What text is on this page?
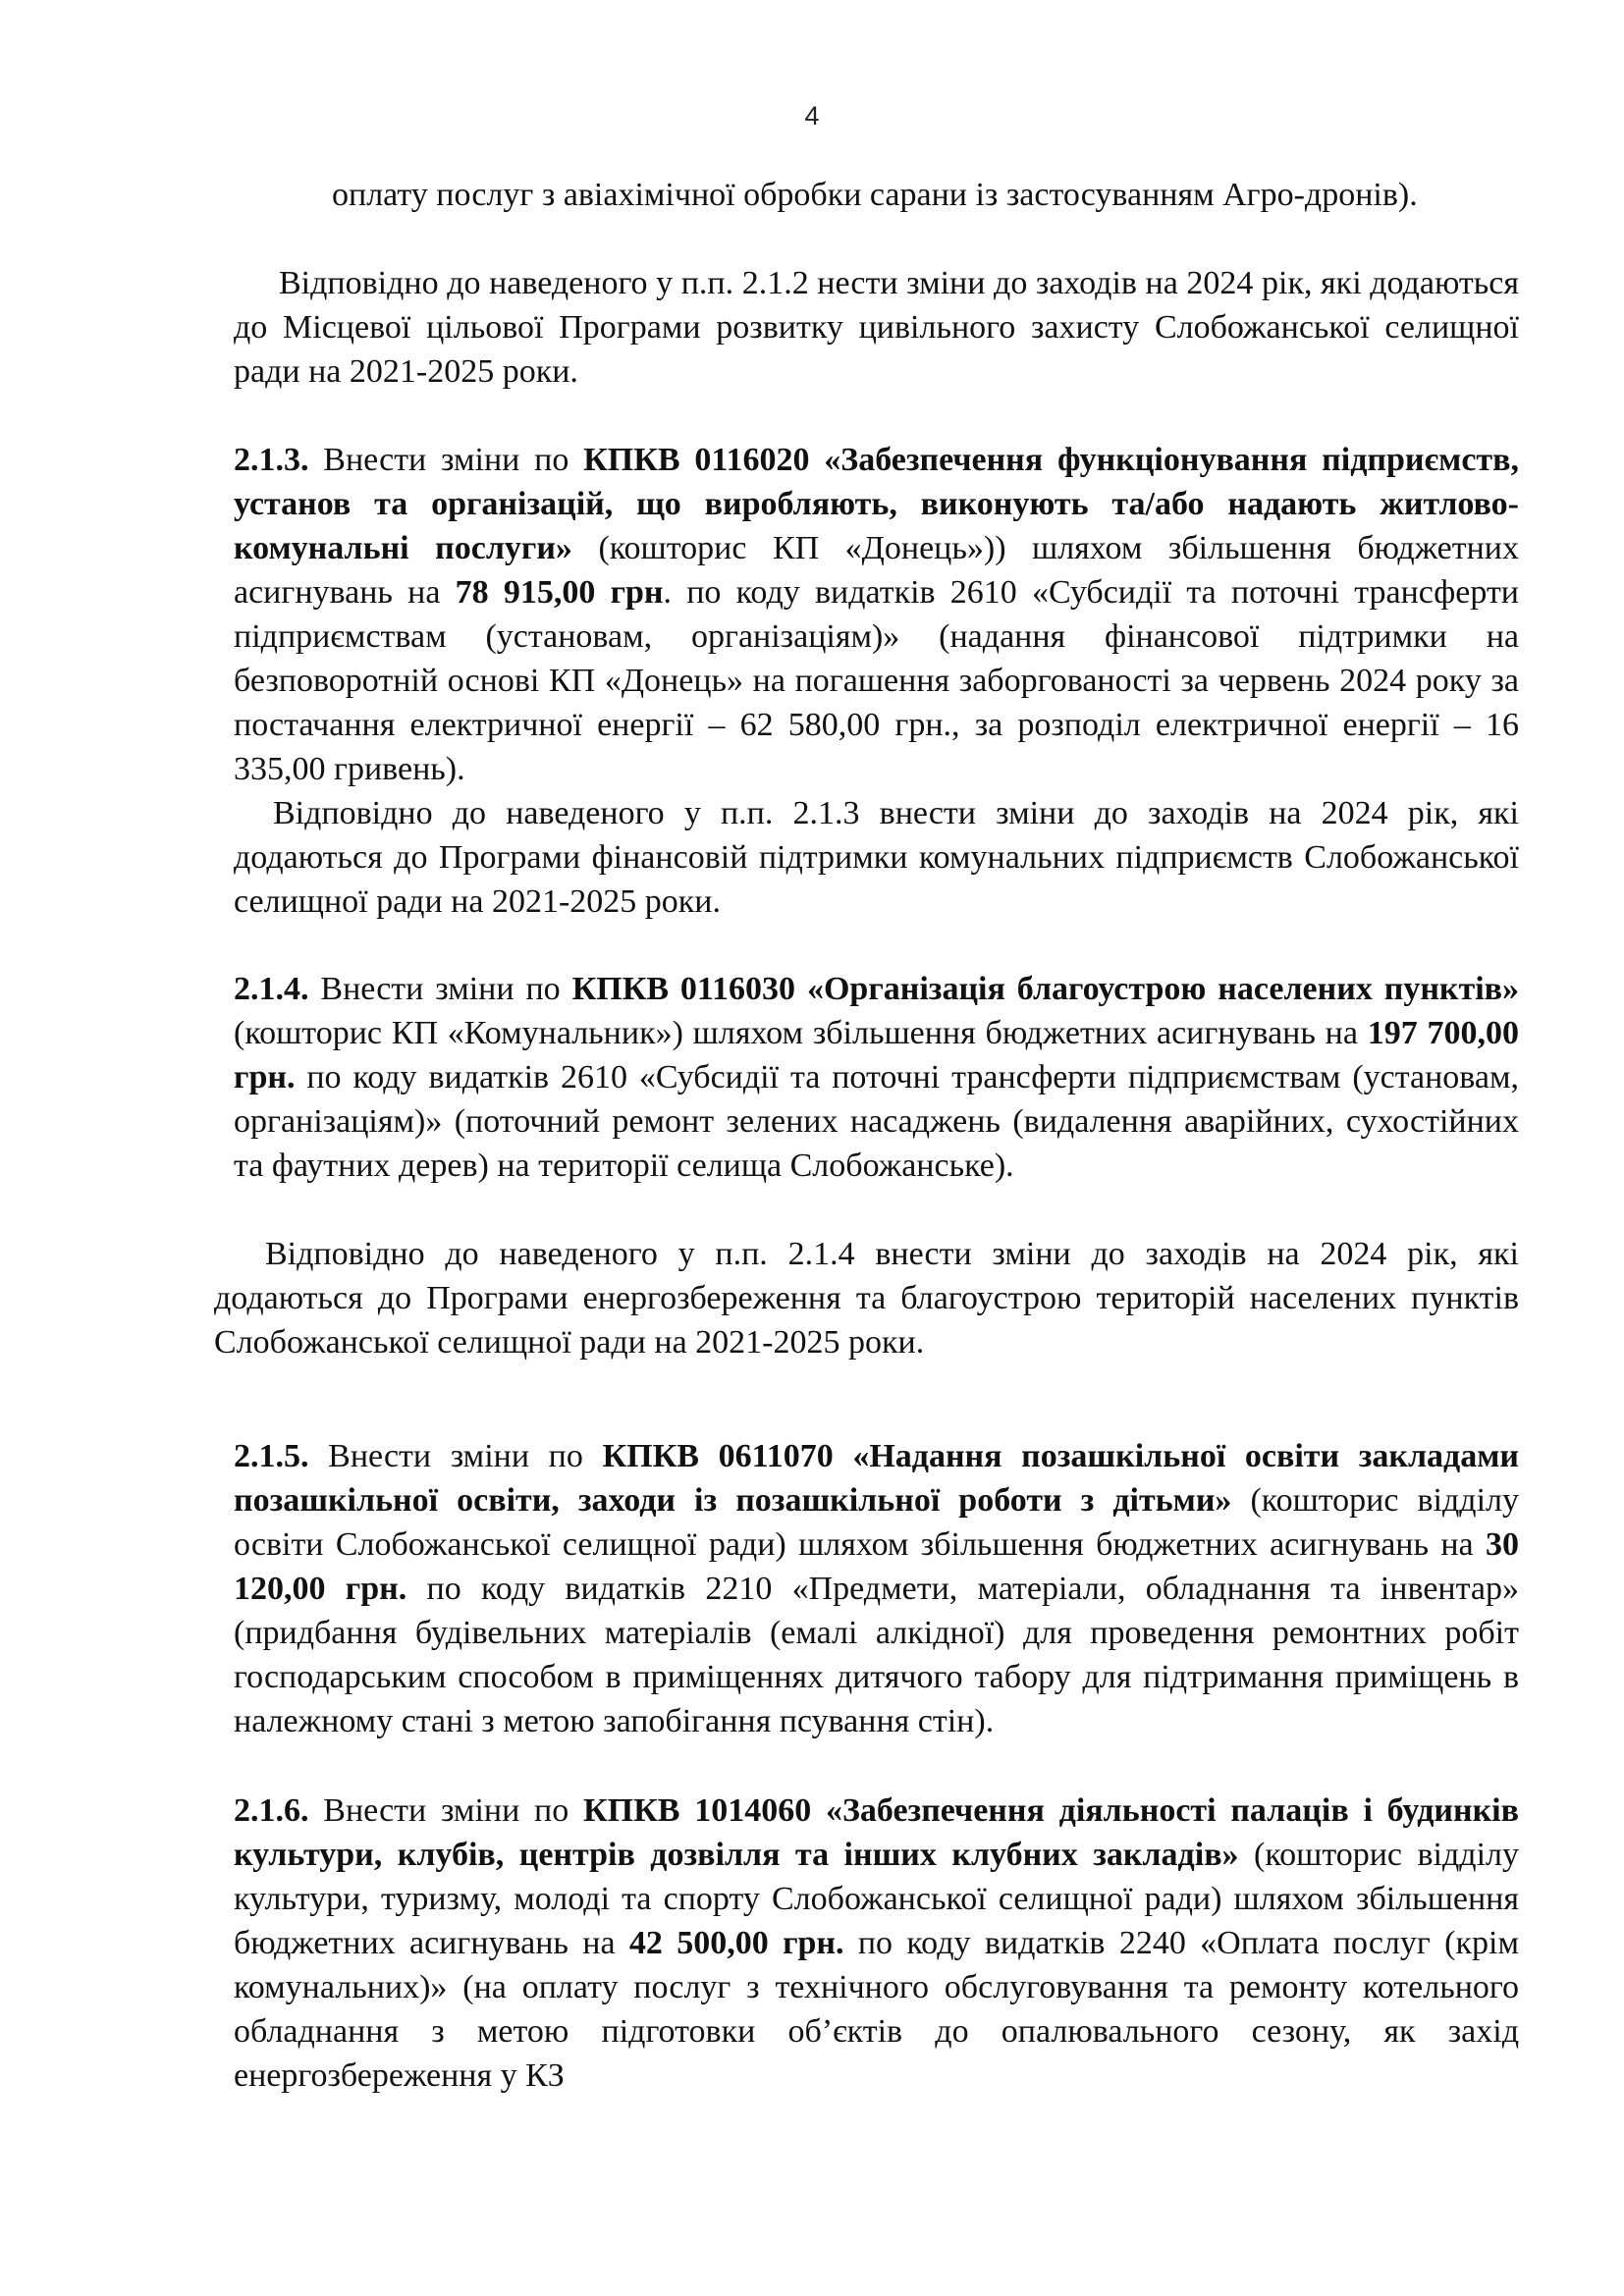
4

оплату послуг з авіахімічної обробки сарани із застосуванням Агро-дронів).

Відповідно до наведеного у п.п. 2.1.2 нести зміни до заходів на 2024 рік, які додаються до Місцевої цільової Програми розвитку цивільного захисту Слобожанської селищної ради на 2021-2025 роки.

2.1.3. Внести зміни по КПКВ 0116020 «Забезпечення функціонування підприємств, установ та організацій, що виробляють, виконують та/або надають житлово-комунальні послуги» (кошторис КП «Донець»)) шляхом збільшення бюджетних асигнувань на 78 915,00 грн. по коду видатків 2610 «Субсидії та поточні трансферти підприємствам (установам, організаціям)» (надання фінансової підтримки на безповоротній основі КП «Донець» на погашення заборгованості за червень 2024 року за постачання електричної енергії – 62 580,00 грн., за розподіл електричної енергії – 16 335,00 гривень).

Відповідно до наведеного у п.п. 2.1.3 внести зміни до заходів на 2024 рік, які додаються до Програми фінансовій підтримки комунальних підприємств Слобожанської селищної ради на 2021-2025 роки.

2.1.4. Внести зміни по КПКВ 0116030 «Організація благоустрою населених пунктів» (кошторис КП «Комунальник») шляхом збільшення бюджетних асигнувань на 197 700,00 грн. по коду видатків 2610 «Субсидії та поточні трансферти підприємствам (установам, організаціям)» (поточний ремонт зелених насаджень (видалення аварійних, сухостійних та фаутних дерев) на території селища Слобожанське).

Відповідно до наведеного у п.п. 2.1.4 внести зміни до заходів на 2024 рік, які додаються до Програми енергозбереження та благоустрою територій населених пунктів Слобожанської селищної ради на 2021-2025 роки.

2.1.5. Внести зміни по КПКВ 0611070 «Надання позашкільної освіти закладами позашкільної освіти, заходи із позашкільної роботи з дітьми» (кошторис відділу освіти Слобожанської селищної ради) шляхом збільшення бюджетних асигнувань на 30 120,00 грн. по коду видатків 2210 «Предмети, матеріали, обладнання та інвентар» (придбання будівельних матеріалів (емалі алкідної) для проведення ремонтних робіт господарським способом в приміщеннях дитячого табору для підтримання приміщень в належному стані з метою запобігання псування стін).

2.1.6. Внести зміни по КПКВ 1014060 «Забезпечення діяльності палаців і будинків культури, клубів, центрів дозвілля та інших клубних закладів» (кошторис відділу культури, туризму, молоді та спорту Слобожанської селищної ради) шляхом збільшення бюджетних асигнувань на 42 500,00 грн. по коду видатків 2240 «Оплата послуг (крім комунальних)» (на оплату послуг з технічного обслуговування та ремонту котельного обладнання з метою підготовки об’єктів до опалювального сезону, як захід енергозбереження у КЗ
